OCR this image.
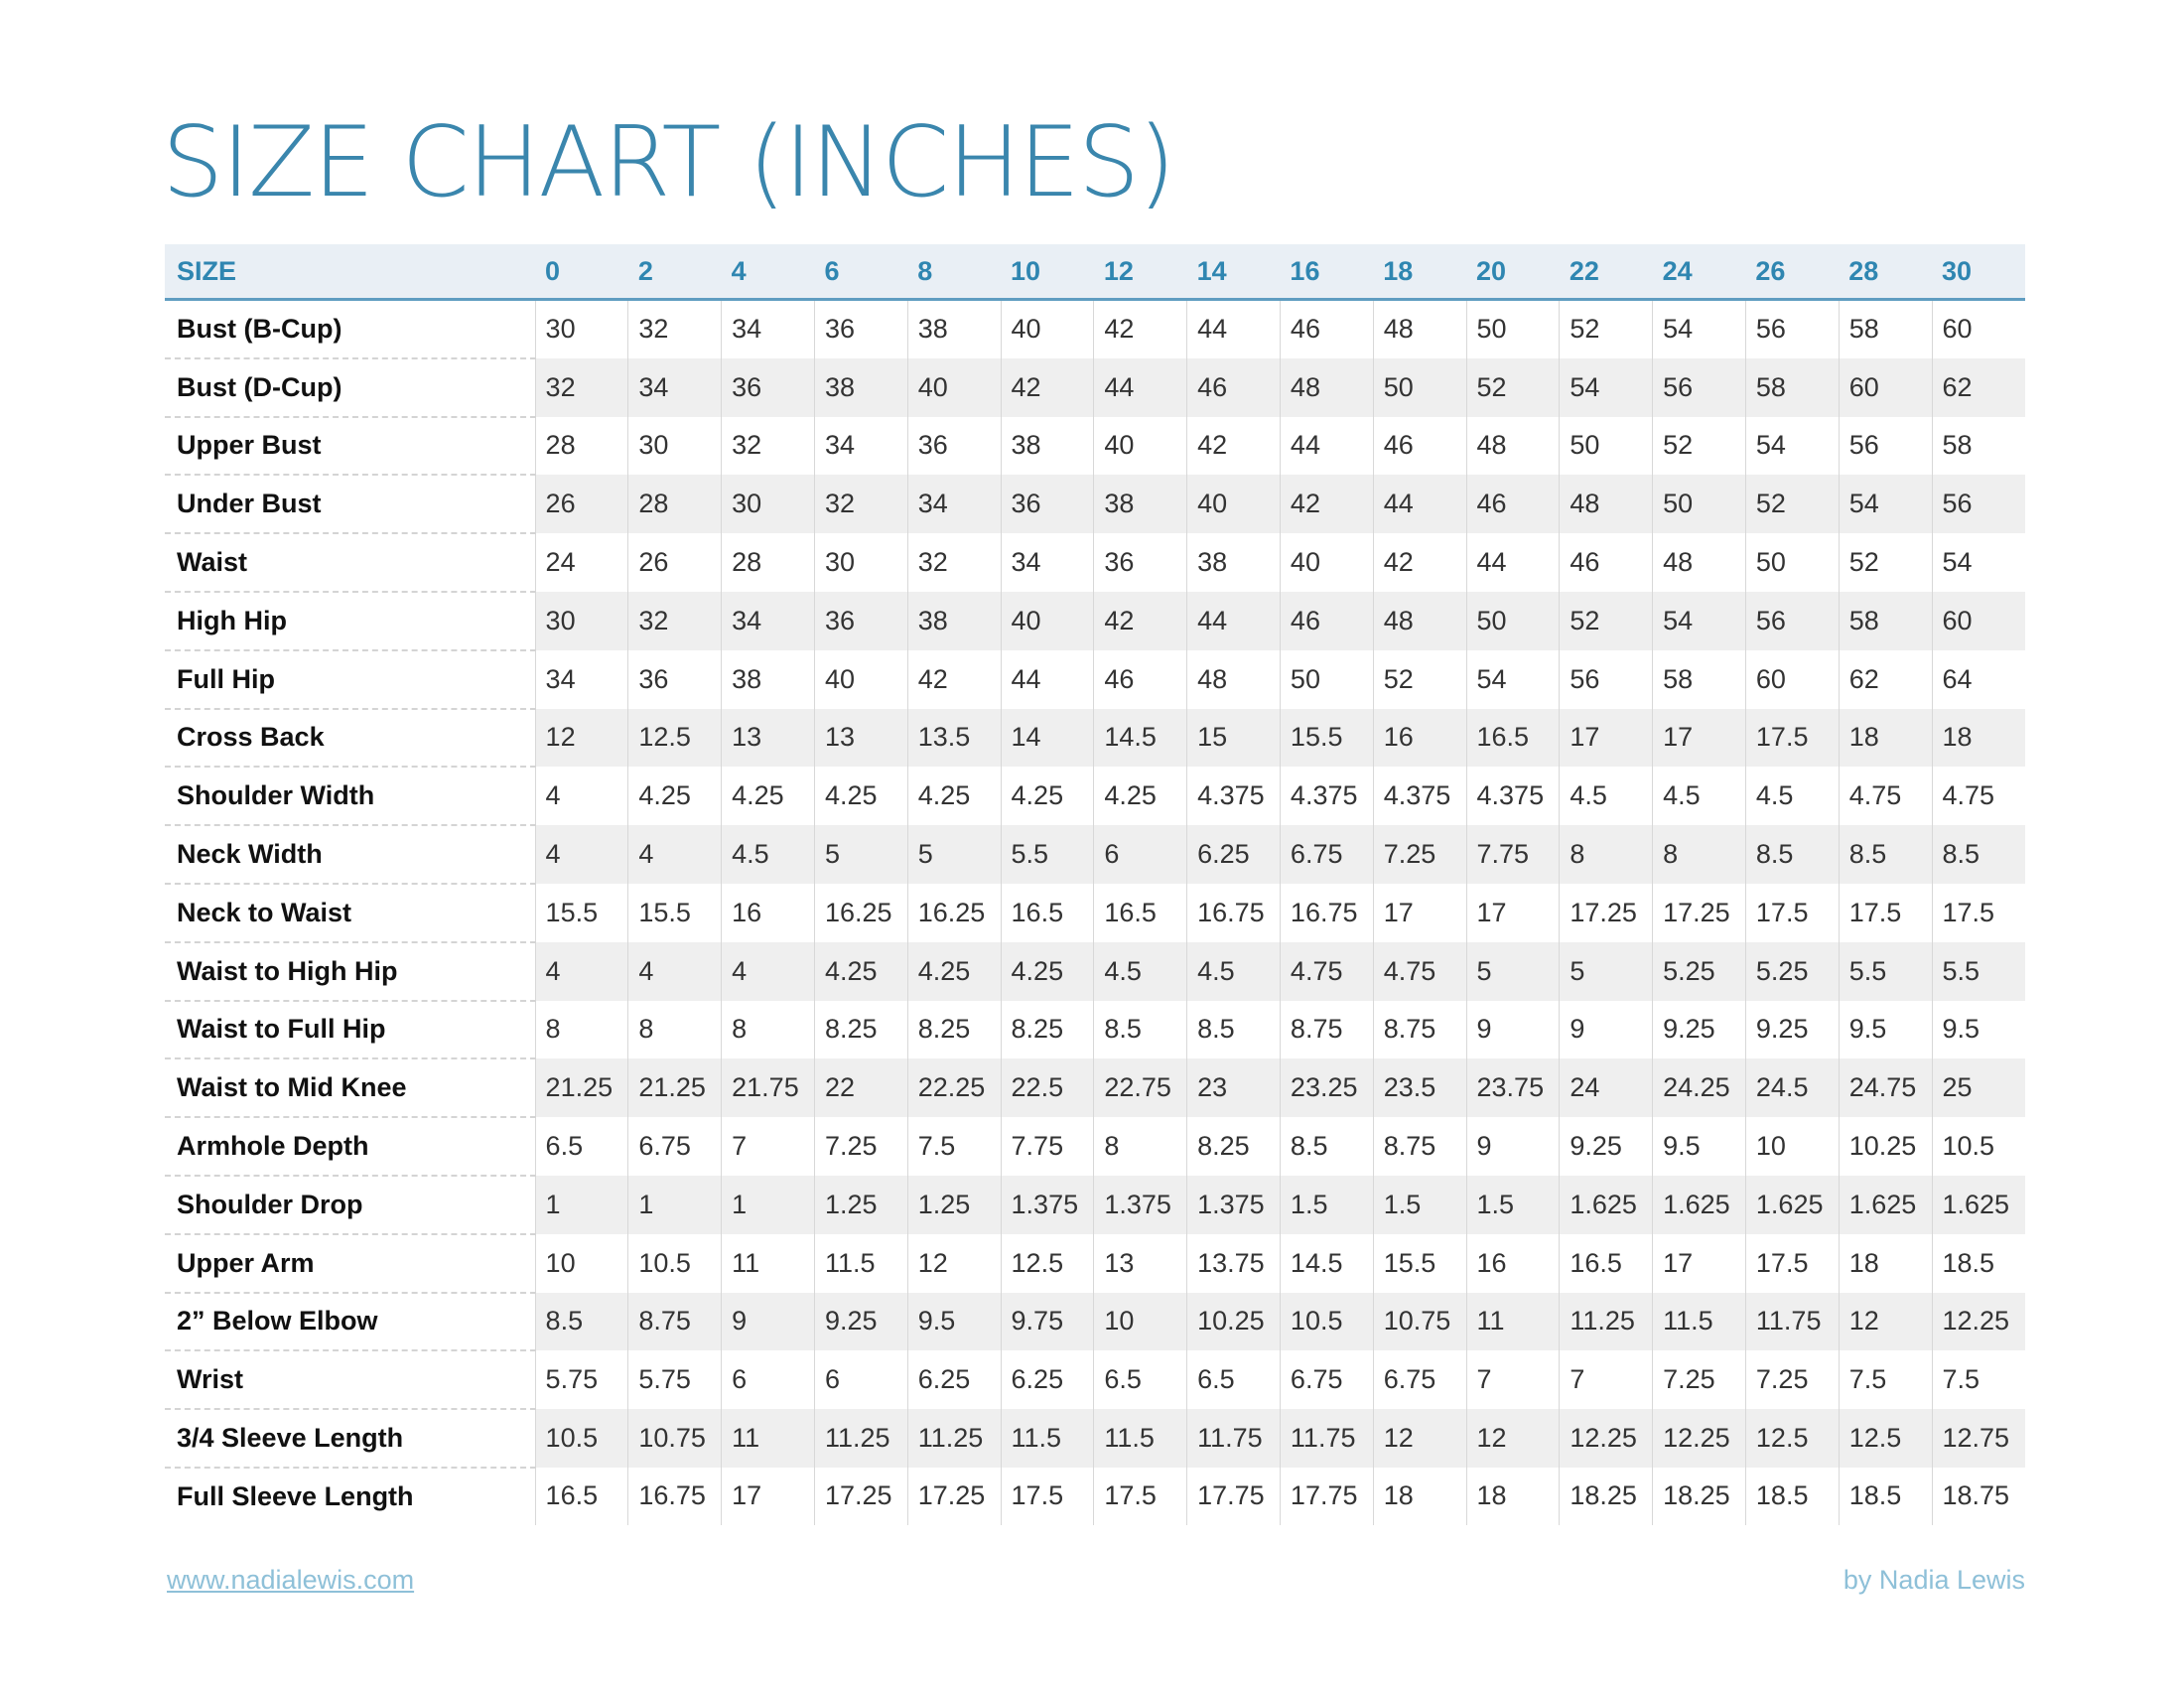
SIZE CHART (INCHES)
SIZE	0	2	4	6	8	10	12	14	16	18	20	22	24	26	28	30
Bust (B-Cup)	30	32	34	36	38	40	42	44	46	48	50	52	54	56	58	60
Bust (D-Cup)	32	34	36	38	40	42	44	46	48	50	52	54	56	58	60	62
Upper Bust	28	30	32	34	36	38	40	42	44	46	48	50	52	54	56	58
Under Bust	26	28	30	32	34	36	38	40	42	44	46	48	50	52	54	56
Waist	24	26	28	30	32	34	36	38	40	42	44	46	48	50	52	54
High Hip	30	32	34	36	38	40	42	44	46	48	50	52	54	56	58	60
Full Hip	34	36	38	40	42	44	46	48	50	52	54	56	58	60	62	64
Cross Back	12	12.5	13	13	13.5	14	14.5	15	15.5	16	16.5	17	17	17.5	18	18
Shoulder Width	4	4.25	4.25	4.25	4.25	4.25	4.25	4.375	4.375	4.375	4.375	4.5	4.5	4.5	4.75	4.75
Neck Width	4	4	4.5	5	5	5.5	6	6.25	6.75	7.25	7.75	8	8	8.5	8.5	8.5
Neck to Waist	15.5	15.5	16	16.25	16.25	16.5	16.5	16.75	16.75	17	17	17.25	17.25	17.5	17.5	17.5
Waist to High Hip	4	4	4	4.25	4.25	4.25	4.5	4.5	4.75	4.75	5	5	5.25	5.25	5.5	5.5
Waist to Full Hip	8	8	8	8.25	8.25	8.25	8.5	8.5	8.75	8.75	9	9	9.25	9.25	9.5	9.5
Waist to Mid Knee	21.25	21.25	21.75	22	22.25	22.5	22.75	23	23.25	23.5	23.75	24	24.25	24.5	24.75	25
Armhole Depth	6.5	6.75	7	7.25	7.5	7.75	8	8.25	8.5	8.75	9	9.25	9.5	10	10.25	10.5
Shoulder Drop	1	1	1	1.25	1.25	1.375	1.375	1.375	1.5	1.5	1.5	1.625	1.625	1.625	1.625	1.625
Upper Arm	10	10.5	11	11.5	12	12.5	13	13.75	14.5	15.5	16	16.5	17	17.5	18	18.5
2” Below Elbow	8.5	8.75	9	9.25	9.5	9.75	10	10.25	10.5	10.75	11	11.25	11.5	11.75	12	12.25
Wrist	5.75	5.75	6	6	6.25	6.25	6.5	6.5	6.75	6.75	7	7	7.25	7.25	7.5	7.5
3/4 Sleeve Length	10.5	10.75	11	11.25	11.25	11.5	11.5	11.75	11.75	12	12	12.25	12.25	12.5	12.5	12.75
Full Sleeve Length	16.5	16.75	17	17.25	17.25	17.5	17.5	17.75	17.75	18	18	18.25	18.25	18.5	18.5	18.75
www.nadialewis.com	by Nadia Lewis
